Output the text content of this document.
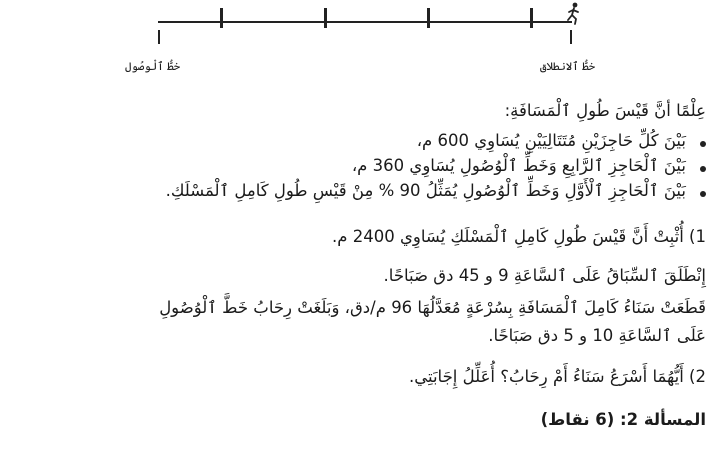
خطُّ ٱلْوصُول	خطُّ ٱلانطلاق
عِلْمًا أنَّ قَيْسَ طُولِ ٱلْمَسَافَةِ:
بَيْنَ كُلِّ حَاجِزَيْنِ مُتَتَالِيَيْنِ يُسَاوِي 600 م،
بَيْنَ ٱلْحَاجِزِ ٱلرَّابِعِ وَخَطِّ ٱلْوُصُولِ يُسَاوِي 360 م،
بَيْنَ ٱلْحَاجِزِ ٱلْأَوَّلِ وَخَطِّ ٱلْوُصُولِ يُمَثِّلُ 90 % مِنْ قَيْسِ طُولِ كَامِلِ ٱلْمَسْلَكِ.
1) أُثْبِتْ أَنَّ قَيْسَ طُولِ كَامِلِ ٱلْمَسْلَكِ يُسَاوِي 2400 م.
إِنْطَلَقَ ٱلسِّبَاقُ عَلَى ٱلسَّاعَةِ 9 و 45 دق صَبَاحًا.
قَطَعَتْ سَنَاءُ كَامِلَ ٱلْمَسَافَةِ بِسُرْعَةٍ مُعَدَّلُهَا 96 م/دق، وَبَلَغَتْ رِحَابُ خَطَّ ٱلْوُصُولِ
عَلَى ٱلسَّاعَةِ 10 و 5 دق صَبَاحًا.
2) أَيُّهُمَا أَسْرَعُ سَنَاءُ أَمْ رِحَابُ؟ أُعَلِّلُ إِجَابَتِي.
المسألة 2: (6 نقاط)
